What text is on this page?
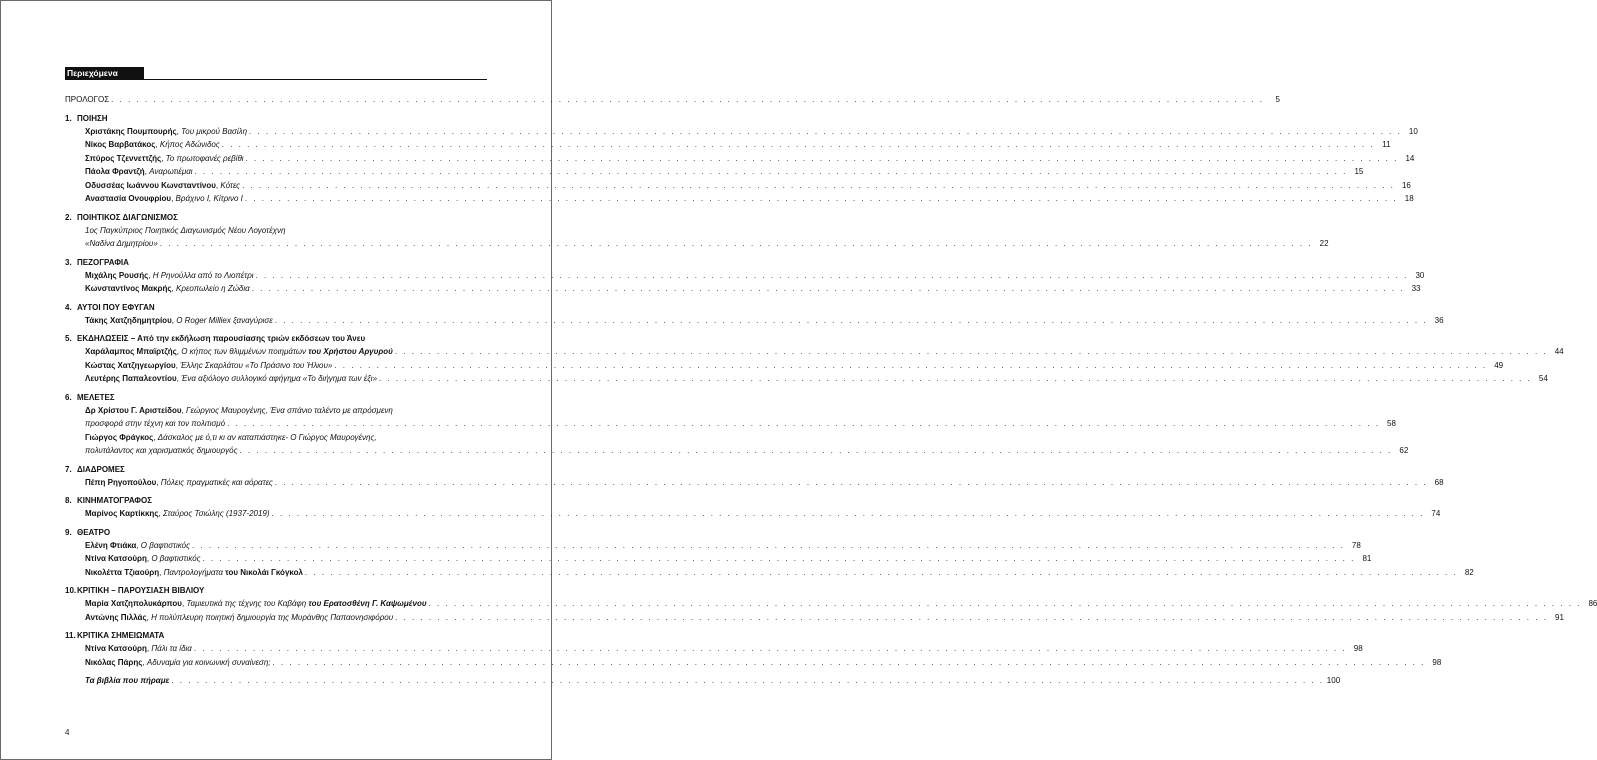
Περιεχόμενα
ΠΡΟΛΟΓΟΣ . . .	5
1. ΠΟΙΗΣΗ
Χριστάκης Πουμπουρής, Του μικρού Βασίλη . . .	10
Νίκος Βαρβατάκος, Κήπος Αδώνιδος . . .	11
Σπύρος Τζεννεττζής, Το πρωτοφανές ρεβίθι . . .	14
Πάολα Φραντζή, Αναρωτιέμαι . . .	15
Οδυσσέας Ιωάννου Κωνσταντίνου, Κότες . . .	16
Αναστασία Ονουφρίου, Βράχινο Ι, Κίτρινο Ι . . .	18
2. ΠΟΙΗΤΙΚΟΣ ΔΙΑΓΩΝΙΣΜΟΣ
1ος Παγκύπριος Ποιητικός Διαγωνισμός Νέου Λογοτέχνη
«Ναδίνα Δημητρίου» . . .	22
3. ΠΕΖΟΓΡΑΦΙΑ
Μιχάλης Ρουσής, Η Ρηνούλλα από το Λιοπέτρι . . .	30
Κωνσταντίνος Μακρής, Κρεοπωλείο η Ζώδια . . .	33
4. ΑΥΤΟΙ ΠΟΥ ΕΦΥΓΑΝ
Τάκης Χατζηδημητρίου, Ο Roger Milliex ξαναγύρισε . . .	36
5. ΕΚΔΗΛΩΣΕΙΣ – Από την εκδήλωση παρουσίασης τριών εκδόσεων του Άνευ
Χαράλαμπος Μπαϊρτζής, Ο κήπος των θλιμμένων ποιημάτων του Χρήστου Αργυρού . . .	44
Κώστας Χατζηγεωργίου, Έλληc Σκαρλάτου «Το Πράσινο του Ήλιου» . . .	49
Λευτέρης Παπαλεοντίου, Ένα αξιόλογο συλλογικό αφήγημα «Το διήγημα των έξι» . . .	54
6. ΜΕΛΕΤΕΣ
Δρ Χρίστου Γ. Αριστείδου, Γεώργιος Μαυρογένης, Ένα σπάνιο ταλέντο με απρόσμενη
προσφορά στην τέχνη και τον πολιτισμό . . .	58
Γιώργος Φράγκος, Δάσκαλος με ό,τι κι αν καταπιάστηκε- Ο Γιώργος Μαυρογένης,
πολυτάλαντος και χαρισματικός δημιουργός . . .	62
7. ΔΙΑΔΡΟΜΕΣ
Πέπη Ρηγοπούλου, Πόλεις πραγματικές και αόρατες . . .	68
8. ΚΙΝΗΜΑΤΟΓΡΑΦΟΣ
Μαρίνος Καρτίκκης, Σταύρος Τσιώλης (1937-2019) . . .	74
9. ΘΕΑΤΡΟ
Ελένη Φτιάκα, Ο βαφτιστικός . . .	78
Ντίνα Κατσούρη, Ο βαφτιστικός . . .	81
Νικολέττα Τζιαούρη, Παντρολογήματα του Νικολάι Γκόγκολ . . .	82
10. ΚΡΙΤΙΚΗ – ΠΑΡΟΥΣΙΑΣΗ ΒΙΒΛΙΟΥ
Μαρία Χατζηπολυκάρπου, Ταμιευτικά της τέχνης του Καβάφη του Ερατοσθένη Γ. Καψωμένου . . .	86
Αντώνης Πιλλάς, Η πολύπλευρη ποιητική δημιουργία της Μυράνθης Παπαονησιφόρου . . .	91
11. ΚΡΙΤΙΚΑ ΣΗΜΕΙΩΜΑΤΑ
Ντίνα Κατσούρη, Πάλι τα ίδια . . .	98
Νικόλας Πάρης, Αδυναμία για κοινωνική συναίνεση; . . .	98
Τα βιβλία που πήραμε . . .	100
4
